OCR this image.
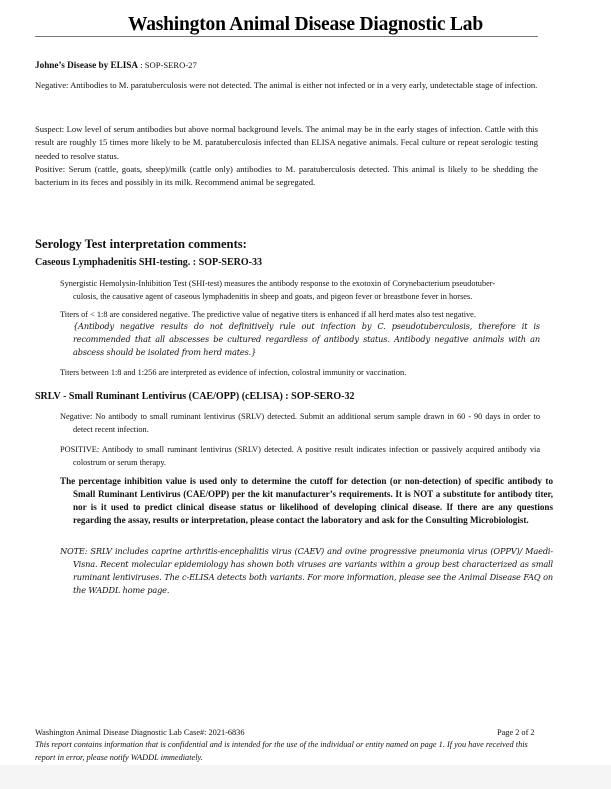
Washington Animal Disease Diagnostic Lab
Johne’s Disease by ELISA : SOP-SERO-27
Negative: Antibodies to M. paratuberculosis were not detected. The animal is either not infected or in a very early, undetectable stage of infection.
Suspect: Low level of serum antibodies but above normal background levels. The animal may be in the early stages of infection. Cattle with this result are roughly 15 times more likely to be M. paratuberculosis infected than ELISA negative animals. Fecal culture or repeat serologic testing needed to resolve status.
Positive: Serum (cattle, goats, sheep)/milk (cattle only) antibodies to M. paratuberculosis detected. This animal is likely to be shedding the bacterium in its feces and possibly in its milk. Recommend animal be segregated.
Serology Test interpretation comments:
Caseous Lymphadenitis SHI-testing. : SOP-SERO-33
Synergistic Hemolysin-Inhibition Test (SHI-test) measures the antibody response to the exotoxin of Corynebacterium pseudotuber-
culosis, the causative agent of caseous lymphadenitis in sheep and goats, and pigeon fever or breastbone fever in horses.
Titers of < 1:8 are considered negative. The predictive value of negative titers is enhanced if all herd mates also test negative.
{Antibody negative results do not definitively rule out infection by C. pseudotuberculosis, therefore it is recommended that all abscesses be cultured regardless of antibody status. Antibody negative animals with an abscess should be isolated from herd mates.}
Titers between 1:8 and 1:256 are interpreted as evidence of infection, colostral immunity or vaccination.
SRLV - Small Ruminant Lentivirus (CAE/OPP) (cELISA) : SOP-SERO-32
Negative: No antibody to small ruminant lentivirus (SRLV) detected. Submit an additional serum sample drawn in 60 - 90 days in order to detect recent infection.
POSITIVE: Antibody to small ruminant lentivirus (SRLV) detected. A positive result indicates infection or passively acquired antibody via colostrum or serum therapy.
The percentage inhibition value is used only to determine the cutoff for detection (or non-detection) of specific antibody to Small Ruminant Lentivirus (CAE/OPP) per the kit manufacturer’s requirements. It is NOT a substitute for antibody titer, nor is it used to predict clinical disease status or likelihood of developing clinical disease. If there are any questions regarding the assay, results or interpretation, please contact the laboratory and ask for the Consulting Microbiologist.
NOTE: SRLV includes caprine arthritis-encephalitis virus (CAEV) and ovine progressive pneumonia virus (OPPV)/ Maedi-Visna. Recent molecular epidemiology has shown both viruses are variants within a group best characterized as small ruminant lentiviruses. The c-ELISA detects both variants. For more information, please see the Animal Disease FAQ on the WADDL home page.
Washington Animal Disease Diagnostic Lab Case#: 2021-6836	Page 2 of 2
This report contains information that is confidential and is intended for the use of the individual or entity named on page 1. If you have received this report in error, please notify WADDL immediately.
